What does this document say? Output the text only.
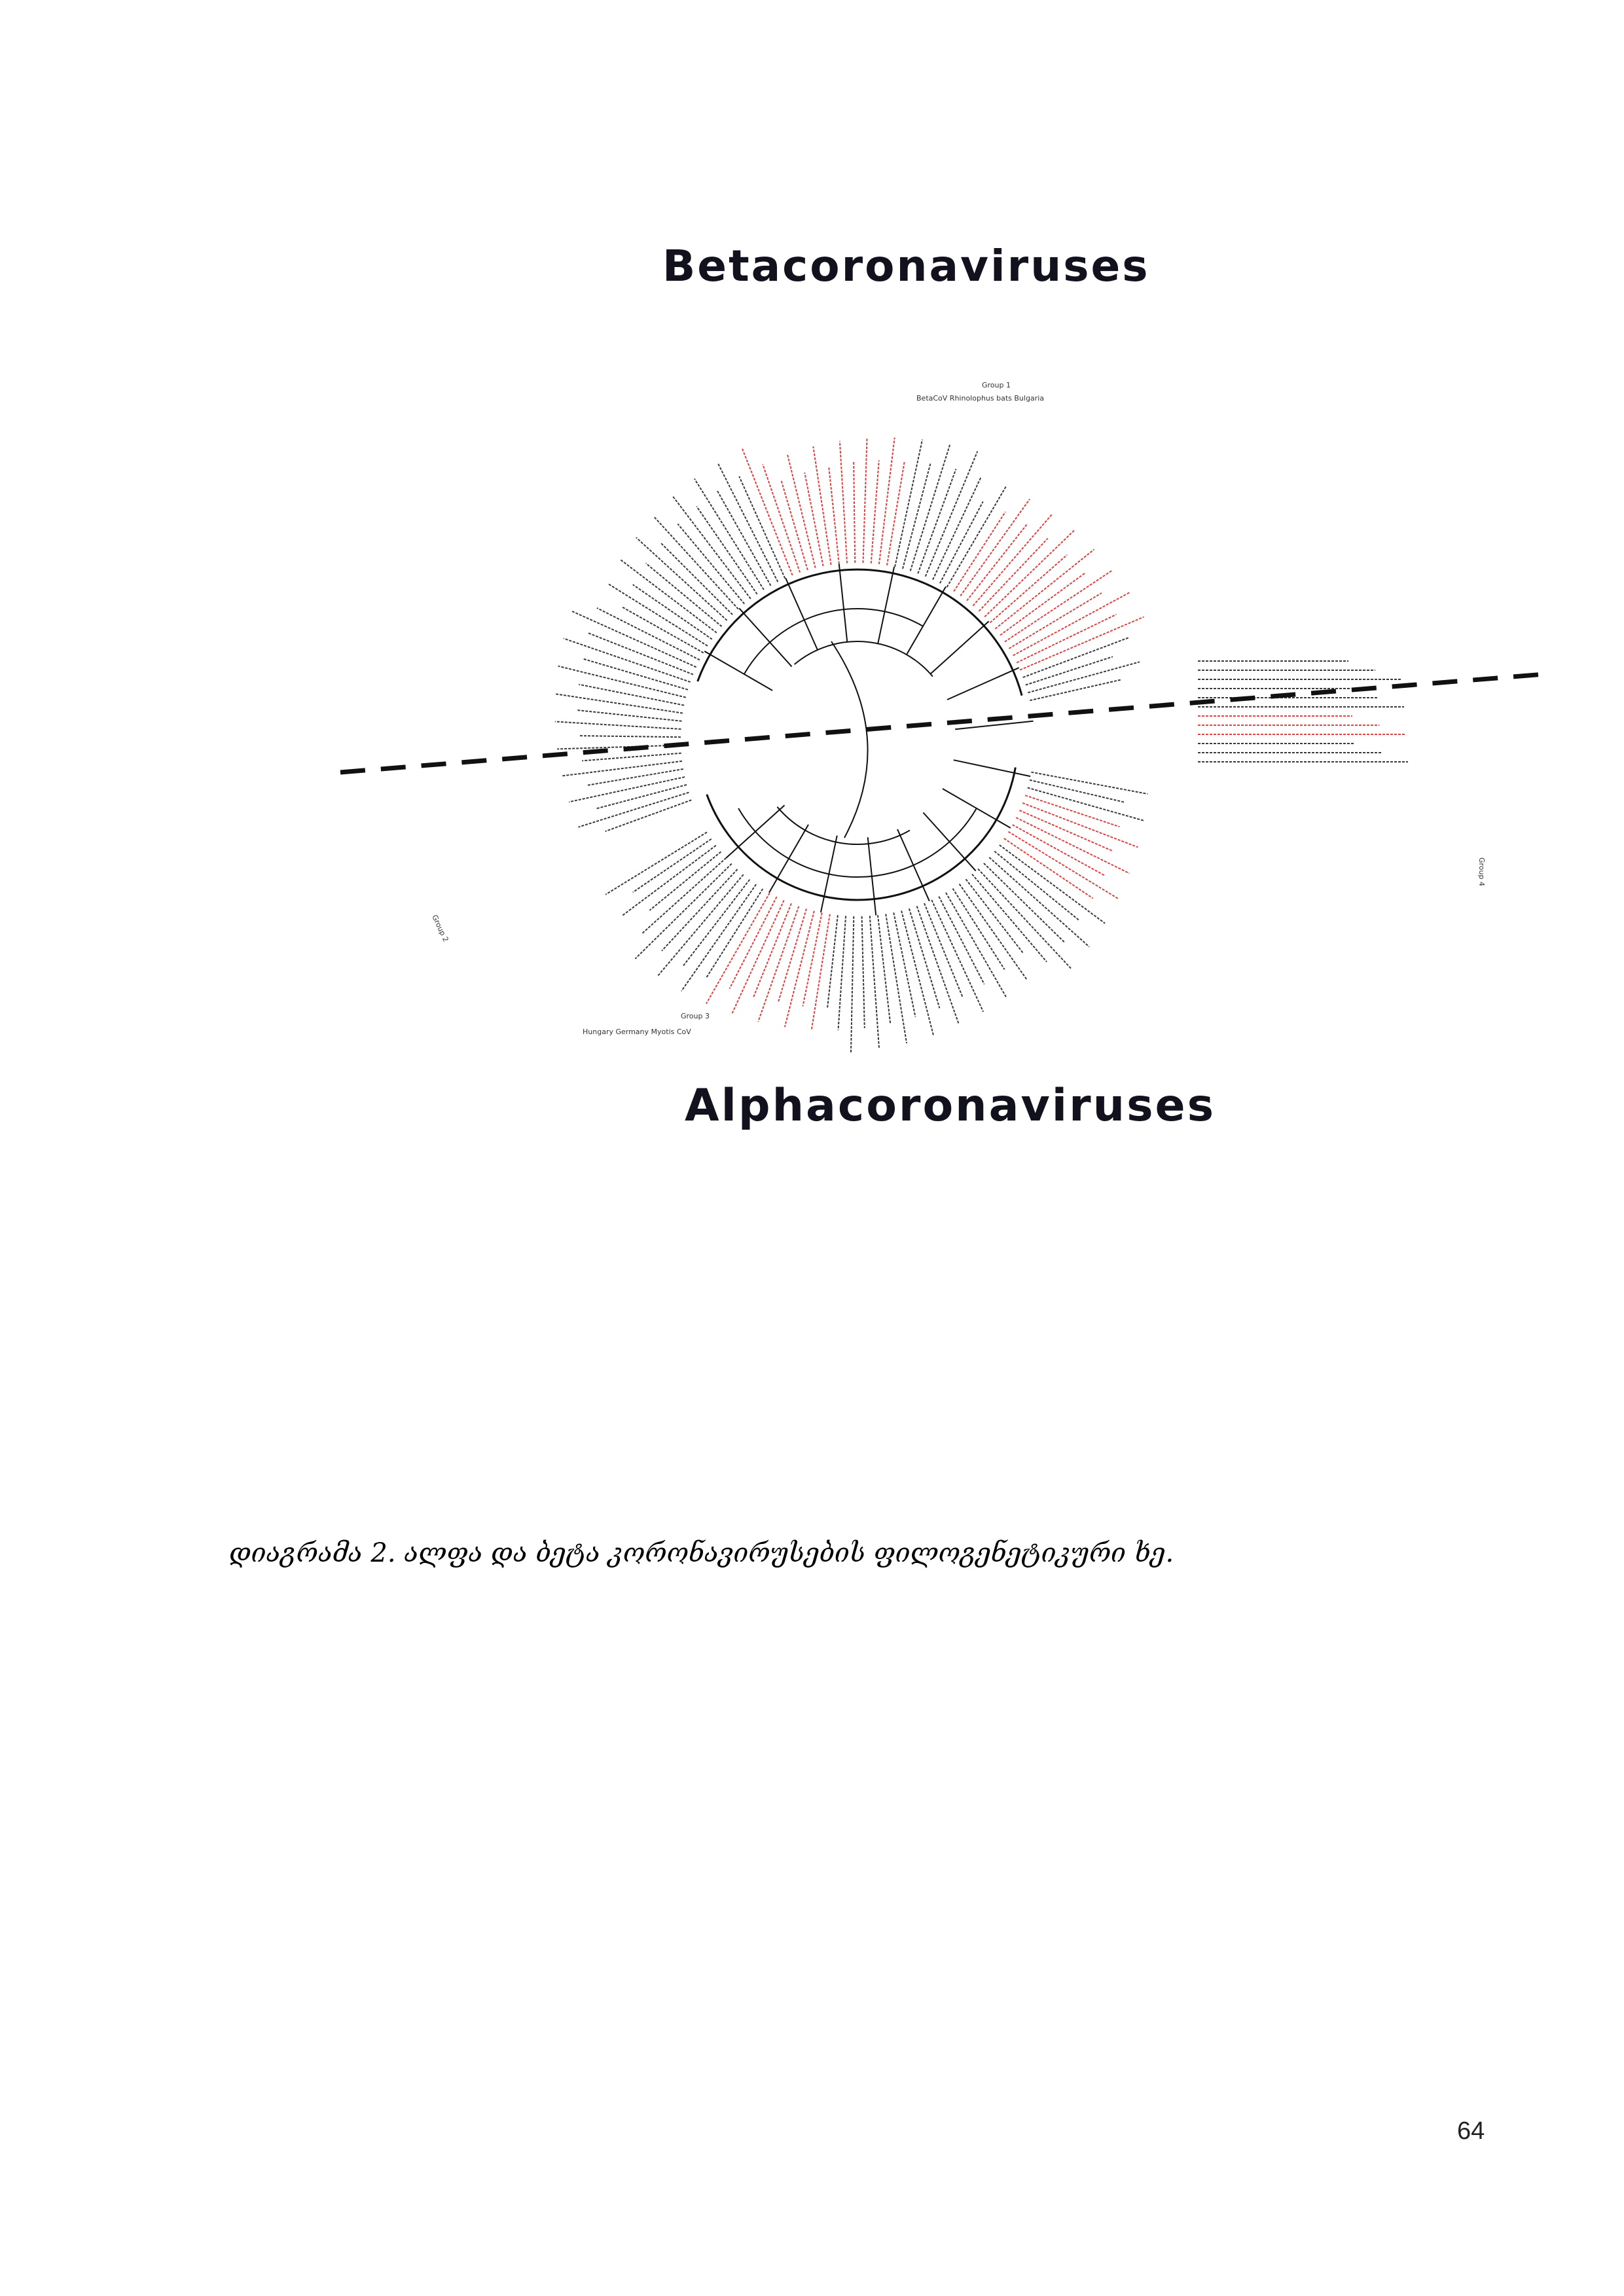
Betacoronaviruses
Group 1
BetaCoV Rhinolophus bats Bulgaria
Group 2
Group 3
Hungary Germany Myotis CoV
Group 4
Alphacoronaviruses
დიაგრამა 2. ალფა და ბეტა კორონავირუსების ფილოგენეტიკური ხე.
64
